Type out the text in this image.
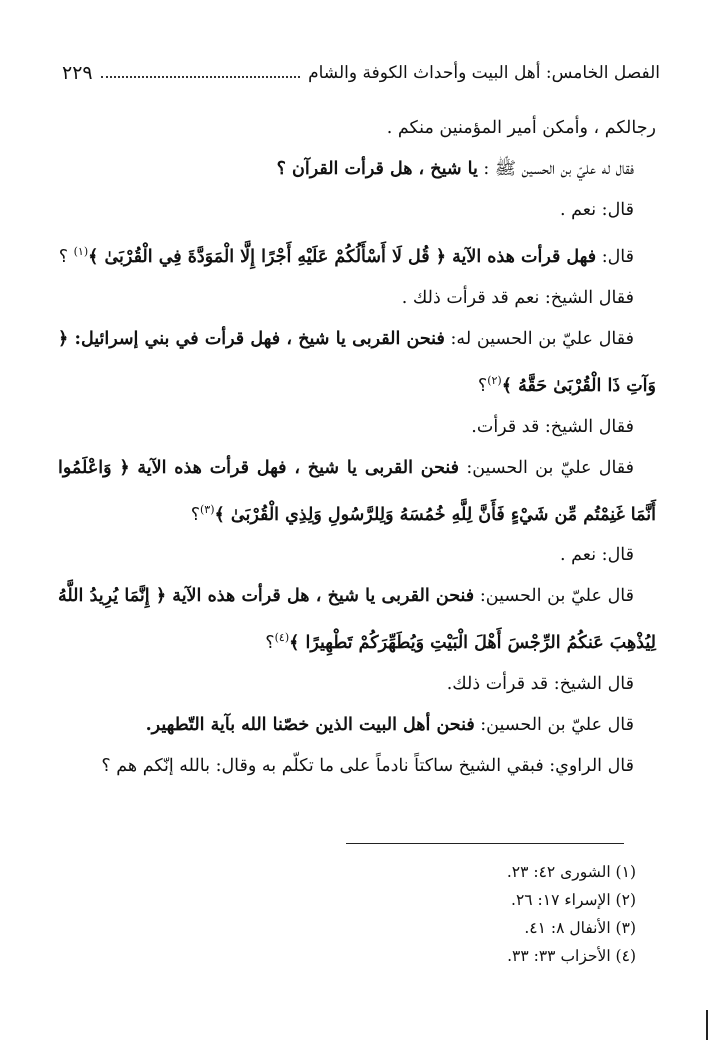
الفصل الخامس: أهل البيت وأحداث الكوفة والشام
٢٢٩

رجالكم ، وأمكن أمير المؤمنين منكم .

فقال له عليّ بن الحسين ﷺ : يا شيخ ، هل قرأت القرآن ؟

قال: نعم .

قال: فهل قرأت هذه الآية ﴿ قُل لَا أَسْأَلُكُمْ عَلَيْهِ أَجْرًا إِلَّا الْمَوَدَّةَ فِي الْقُرْبَىٰ ﴾$^{(١)}$ ؟

فقال الشيخ: نعم قد قرأت ذلك .

فقال عليّ بن الحسين له: فنحن القربى يا شيخ ، فهل قرأت في بني إسرائيل: ﴿ وَآتِ ذَا الْقُرْبَىٰ حَقَّهُ ﴾$^{(٢)}$؟

فقال الشيخ: قد قرأت.

فقال عليّ بن الحسين: فنحن القربى يا شيخ ، فهل قرأت هذه الآية ﴿ وَاعْلَمُوا أَنَّمَا غَنِمْتُم مِّن شَيْءٍ فَأَنَّ لِلَّهِ خُمُسَهُ وَلِلرَّسُولِ وَلِذِي الْقُرْبَىٰ ﴾$^{(٣)}$؟

قال: نعم .

قال عليّ بن الحسين: فنحن القربى يا شيخ ، هل قرأت هذه الآية ﴿ إِنَّمَا يُرِيدُ اللَّهُ لِيُذْهِبَ عَنكُمُ الرِّجْسَ أَهْلَ الْبَيْتِ وَيُطَهِّرَكُمْ تَطْهِيرًا ﴾$^{(٤)}$؟

قال الشيخ: قد قرأت ذلك.

قال عليّ بن الحسين: فنحن أهل البيت الذين خصّنا الله بآية التّطهير.

قال الراوي: فبقي الشيخ ساكتاً نادماً على ما تكلّم به وقال: بالله إنّكم هم ؟

(١) الشورى ٤٢: ٢٣.
(٢) الإسراء ١٧: ٢٦.
(٣) الأنفال ٨: ٤١.
(٤) الأحزاب ٣٣: ٣٣.
